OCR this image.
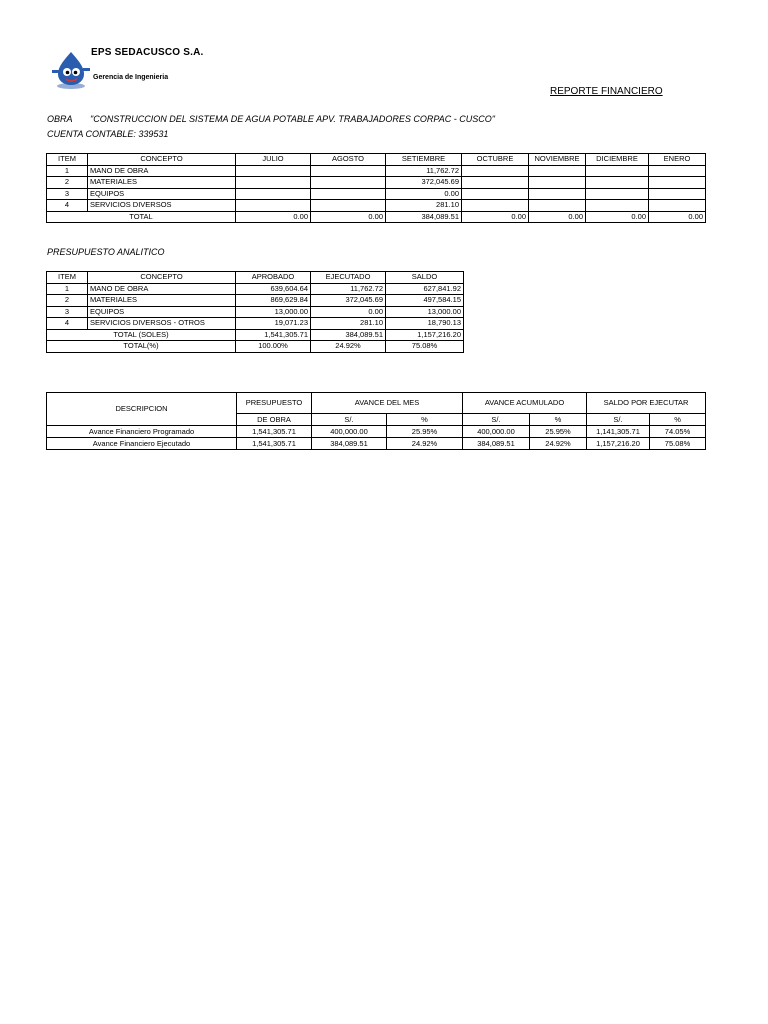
EPS SEDACUSCO S.A.
Gerencia de Ingenieria
REPORTE FINANCIERO
OBRA "CONSTRUCCION DEL SISTEMA DE AGUA POTABLE APV. TRABAJADORES CORPAC - CUSCO"
CUENTA CONTABLE: 339531
ITEM	CONCEPTO	JULIO	AGOSTO	SETIEMBRE	OCTUBRE	NOVIEMBRE	DICIEMBRE	ENERO
1	MANO DE OBRA			11,762.72				
2	MATERIALES			372,045.69				
3	EQUIPOS			0.00				
4	SERVICIOS DIVERSOS			281.10				
TOTAL		0.00	0.00	384,089.51	0.00	0.00	0.00	0.00
PRESUPUESTO ANALITICO
ITEM	CONCEPTO	APROBADO	EJECUTADO	SALDO
1	MANO DE OBRA	639,604.64	11,762.72	627,841.92
2	MATERIALES	869,629.84	372,045.69	497,584.15
3	EQUIPOS	13,000.00	0.00	13,000.00
4	SERVICIOS DIVERSOS - OTROS	19,071.23	281.10	18,790.13
TOTAL (SOLES)		1,541,305.71	384,089.51	1,157,216.20
TOTAL(%)		100.00%	24.92%	75.08%
DESCRIPCION	PRESUPUESTO	AVANCE DEL MES		AVANCE ACUMULADO		SALDO POR EJECUTAR	
	DE OBRA	S/.	%	S/.	%	S/.	%
Avance Financiero Programado	1,541,305.71	400,000.00	25.95%	400,000.00	25.95%	1,141,305.71	74.05%
Avance Financiero Ejecutado	1,541,305.71	384,089.51	24.92%	384,089.51	24.92%	1,157,216.20	75.08%
